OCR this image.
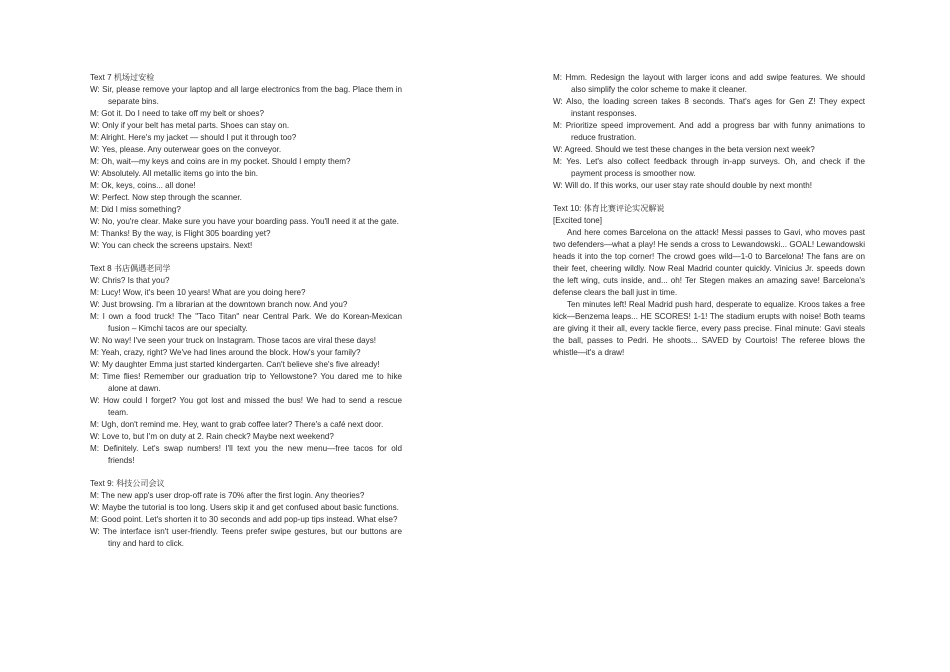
Text 7 机场过安检
W: Sir, please remove your laptop and all large electronics from the bag. Place them in separate bins.
M: Got it. Do I need to take off my belt or shoes?
W: Only if your belt has metal parts. Shoes can stay on.
M: Alright. Here's my jacket — should I put it through too?
W: Yes, please. Any outerwear goes on the conveyor.
M: Oh, wait—my keys and coins are in my pocket. Should I empty them?
W: Absolutely. All metallic items go into the bin.
M: Ok, keys, coins... all done!
W: Perfect. Now step through the scanner.
M: Did I miss something?
W: No, you're clear. Make sure you have your boarding pass. You'll need it at the gate.
M: Thanks! By the way, is Flight 305 boarding yet?
W: You can check the screens upstairs. Next!
Text 8 书店偶遇老同学
W: Chris? Is that you?
M: Lucy! Wow, it's been 10 years! What are you doing here?
W: Just browsing. I'm a librarian at the downtown branch now. And you?
M: I own a food truck! The "Taco Titan" near Central Park. We do Korean-Mexican fusion – Kimchi tacos are our specialty.
W: No way! I've seen your truck on Instagram. Those tacos are viral these days!
M: Yeah, crazy, right? We've had lines around the block. How's your family?
W: My daughter Emma just started kindergarten. Can't believe she's five already!
M: Time flies! Remember our graduation trip to Yellowstone? You dared me to hike alone at dawn.
W: How could I forget? You got lost and missed the bus! We had to send a rescue team.
M: Ugh, don't remind me. Hey, want to grab coffee later? There's a café next door.
W: Love to, but I'm on duty at 2. Rain check? Maybe next weekend?
M: Definitely. Let's swap numbers! I'll text you the new menu—free tacos for old friends!
Text 9: 科技公司会议
M: The new app's user drop-off rate is 70% after the first login. Any theories?
W: Maybe the tutorial is too long. Users skip it and get confused about basic functions.
M: Good point. Let's shorten it to 30 seconds and add pop-up tips instead. What else?
W: The interface isn't user-friendly. Teens prefer swipe gestures, but our buttons are tiny and hard to click.
M: Hmm. Redesign the layout with larger icons and add swipe features. We should also simplify the color scheme to make it cleaner.
W: Also, the loading screen takes 8 seconds. That's ages for Gen Z! They expect instant responses.
M: Prioritize speed improvement. And add a progress bar with funny animations to reduce frustration.
W: Agreed. Should we test these changes in the beta version next week?
M: Yes. Let's also collect feedback through in-app surveys. Oh, and check if the payment process is smoother now.
W: Will do. If this works, our user stay rate should double by next month!
Text 10: 体育比赛评论实况解说
[Excited tone]
And here comes Barcelona on the attack! Messi passes to Gavi, who moves past two defenders—what a play! He sends a cross to Lewandowski... GOAL! Lewandowski heads it into the top corner! The crowd goes wild—1-0 to Barcelona! The fans are on their feet, cheering wildly. Now Real Madrid counter quickly. Vinicius Jr. speeds down the left wing, cuts inside, and... oh! Ter Stegen makes an amazing save! Barcelona's defense clears the ball just in time.
Ten minutes left! Real Madrid push hard, desperate to equalize. Kroos takes a free kick—Benzema leaps... HE SCORES! 1-1! The stadium erupts with noise! Both teams are giving it their all, every tackle fierce, every pass precise. Final minute: Gavi steals the ball, passes to Pedri. He shoots... SAVED by Courtois! The referee blows the whistle—it's a draw!
